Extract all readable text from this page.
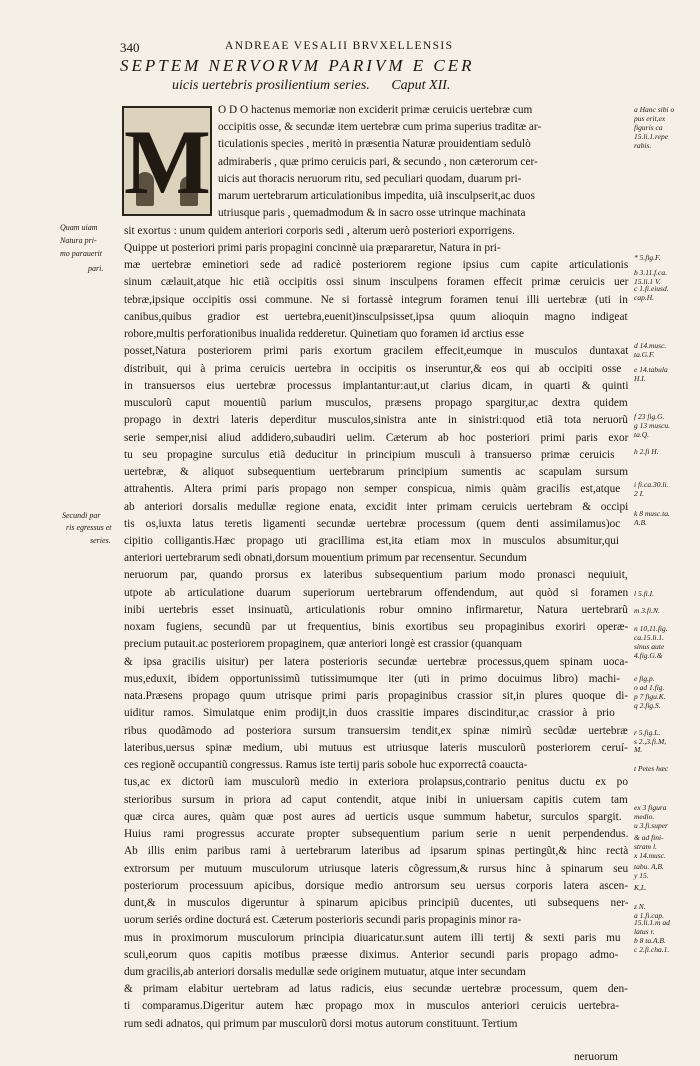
340	ANDREAE VESALII BRVXELLENSIS
SEPTEM NERVORVM PARIVM E CER
uicis uertebris prosilientium series. Caput XII.
M
O D O hactenus memoriæ non exciderit primæ ceruicis uertebræ cum
occipitis osse, & secundæ item uertebræ cum prima superius traditæ ar-
ticulationis species , meritò in præsentia Naturæ prouidentiam sedulò
admiraberis , quæ primo ceruicis pari, & secundo , non cæterorum cer-
uicis aut thoracis neruorum ritu, sed peculiari quodam, duarum pri-
marum uertebrarum articulationibus impedita, uiã insculpserit,ac duos
utriusque paris , quemadmodum & in sacro osse utrinque machinata
sit exortus : unum quidem anteriori corporis sedi , alterum uerò posteriori exporrigens.
Quippe ut posteriori primi paris propagini concinnè uia præpararetur, Natura in pri-
mæ uertebræ eminetiori sede ad radicè posteriorem regione ipsius cum capite articulationis
sinum cælauit,atque hic etiã occipitis ossi sinum insculpens foramen effecit primæ ceruicis uer
tebræ,ipsique occipitis ossi commune. Ne si fortassè integrum foramen tenui illi uertebræ (uti in
canibus,quibus gradior est uertebra,euenit)insculpsisset,ipsa quum alioquin magno indigeat
robore,multis perforationibus inualida redderetur. Quinetiam quo foramen id arctius esse
posset,Natura posteriorem primi paris exortum gracilem effecit,eumque in musculos duntaxat
distribuit, qui à prima ceruicis uertebra in occipitis os inseruntur,& eos qui ab occipiti osse
in transuersos eius uertebræ processus implantantur:aut,ut clarius dicam, in quarti & quinti
musculorũ caput mouentiũ parium musculos, præsens propago spargitur,ac dextra quidem
propago in dextri lateris deperditur musculos,sinistra ante in sinistri:quod etiã tota neruorũ
serie semper,nisi aliud addidero,subaudiri uelim. Cæterum ab hoc posteriori primi paris exor
tu seu propagine surculus etiã deducitur in principium musculi à transuerso primæ ceruicis
uertebræ, & aliquot subsequentium uertebrarum principium sumentis ac scapulam sursum
attrahentis. Altera primi paris propago non semper conspicua, nimis quàm gracilis est,atque
ab anteriori dorsalis medullæ regione enata, excidit inter primam ceruicis uertebram & occipi
tis os,iuxta latus teretis ligamenti secundæ uertebræ processum (quem denti assimilamus)oc
cipitio colligantis.Hæc propago uti gracillima est,ita etiam mox in musculos absumitur,qui
anteriori uertebrarum sedi obnati,dorsum mouentium primum par recensentur. Secundum
neruorum par, quando prorsus ex lateribus subsequentium parium modo pronasci nequiuit,
utpote ab articulatione duarum superiorum uertebrarum offendendum, aut quòd si foramen
inibi uertebris esset insinuatũ, articulationis robur omnino infirmaretur, Natura uertebrarũ
noxam fugiens, secundũ par ut frequentius, binis exortibus seu propaginibus exoriri operæ-
precium putauit.ac posteriorem propaginem, quæ anteriori longè est crassior (quanquam
& ipsa gracilis uisitur) per latera posterioris secundæ uertebræ processus,quem spinam uoca-
mus,eduxit, ibidem opportunissimũ tutissimumque iter (uti in primo docuimus libro) machi-
nata.Præsens propago quum utrisque primi paris propaginibus crassior sit,in plures quoque di-
uiditur ramos. Simulatque enim prodijt,in duos crassitie impares discinditur,ac crassior à prio
ribus quodãmodo ad posteriora sursum transuersim tendit,ex spinæ nimirũ secũdæ uertebræ
lateribus,uersus spinæ medium, ubi mutuus est utriusque lateris musculorũ posteriorem ceruí-
ces regionẽ occupantiũ congressus. Ramus iste tertij paris sobole huc exporrectâ coaucta-
tus,ac ex dictorũ iam musculorũ medio in exteriora prolapsus,contrario penitus ductu ex po
sterioribus sursum in priora ad caput contendit, atque inibi in uniuersam capitis cutem tam
quæ circa aures, quàm quæ post aures ad uerticis usque summum habetur, surculos spargit.
Huius rami progressus accurate propter subsequentium parium serie n uenit perpendendus.
Ab illis enim paribus rami à uertebrarum lateribus ad ipsarum spinas pertingũt,& hinc rectà
extrorsum per mutuum musculorum utriusque lateris cõgressum,& rursus hinc à spinarum seu
posteriorum processuum apicibus, dorsique medio antrorsum seu uersus corporis latera ascen-
dunt,& in musculos digeruntur à spinarum apicibus principiũ ducentes, uti subsequens ner-
uorum seriés ordine docturá est. Cæterum posterioris secundi paris propaginis minor ra-
mus in proximorum musculorum principia diuaricatur.sunt autem illi tertij & sexti paris mu
sculi,eorum quos capitis motibus præesse diximus. Anterior secundi paris propago admo-
dum gracilis,ab anteriori dorsalis medullæ sede originem mutuatur, atque inter secundam
& primam elabitur uertebram ad latus radicis, eius secundæ uertebræ processum, quem den-
ti comparamus.Digeritur autem hæc propago mox in musculos anteriori ceruicis uertebra-
rum sedi adnatos, qui primum par musculorũ dorsi motus autorum constituunt. Tertium
Quam uiam
Natura pri-
mo parauerit
pari.
Secundi par
ris egressus et
series.
a Hanc sibi o
pus erit,ex
figuris ca
15.li.1.repe
rabis.
* 5.fig.F.
b 3.11.f.ca.
15.li.1 V.
c 1.fi.eiusd.
cap.H.
d 14.musc.
ta.G.F.
e 14.tabula
H.I.
f 23 fig.G.
g 13 muscu.
ta.Q.
h 2.fi H.
i fi.ca.30.li.
2 I.
k 8 musc.ta.
A.B.
l 5.fi.I.
m 3.fi.N.
n 10,11.fig.
ca.15.li.1.
sinus aute
4.fig.G.&
e fig.p.
o ad 1.fig.
p 7 figu.K.
q 2.fig.S.
r 5.fig.L.
s 2.,3.fi.M,
M.
t Petes hæc
ex 3 figura
medio.
u 3.fi.super
& ad fini-
stram l.
x 14.musc.
tabu. A,B.
y 15.
K,L.
z N.
a 1.fi.cap.
15.li.1.m ad
latus r.
b 8 ta.A.B.
c 2.fi.cha.1.
neruorum
